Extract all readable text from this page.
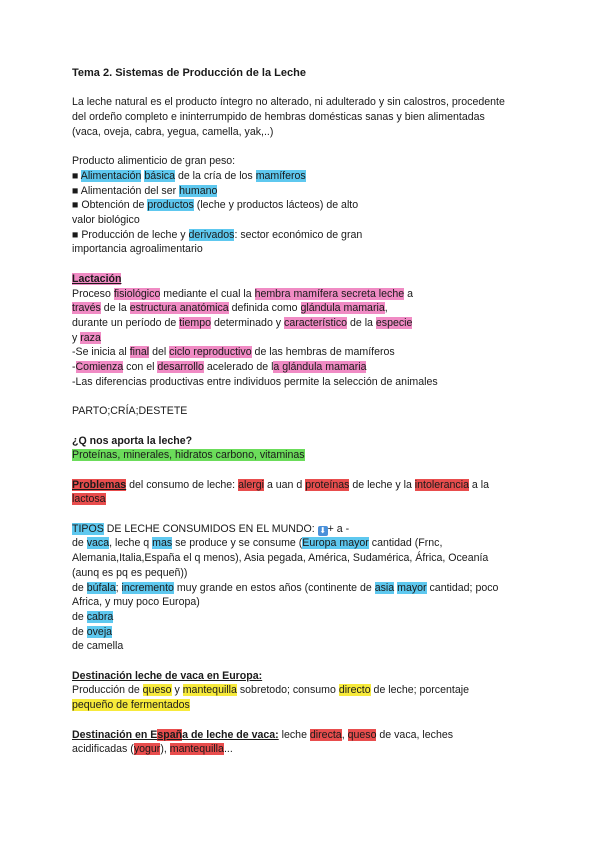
Tema 2. Sistemas de Producción de la Leche
La leche natural es el producto íntegro no alterado, ni adulterado y sin calostros, procedente
del ordeño completo e ininterrumpido de hembras domésticas sanas y bien alimentadas
(vaca, oveja, cabra, yegua, camella, yak,..)
Producto alimenticio de gran peso:
■ Alimentación básica de la cría de los mamíferos
■ Alimentación del ser humano
■ Obtención de productos (leche y productos lácteos) de alto
valor biológico
■ Producción de leche y derivados: sector económico de gran
importancia agroalimentario
Lactación
Proceso fisiológico mediante el cual la hembra mamífera secreta leche a
través de la estructura anatómica definida como glándula mamaria,
durante un período de tiempo determinado y característico de la especie
y raza
-Se inicia al final del ciclo reproductivo de las hembras de mamíferos
-Comienza con el desarrollo acelerado de la glándula mamaria
-Las diferencias productivas entre individuos permite la selección de animales
PARTO;CRÍA;DESTETE
¿Q nos aporta la leche?
Proteínas, minerales, hidratos carbono, vitaminas
Problemas del consumo de leche: alergi a uan d proteínas de leche y la intolerancia a la
lactosa
TIPOS DE LECHE CONSUMIDOS EN EL MUNDO: ⬇ + a -
de vaca, leche q mas se produce y se consume (Europa mayor cantidad (Frnc,
Alemania,Italia,España el q menos), Asia pegada, América, Sudamérica, África, Oceanía
(aunq es pq es pequeñ))
de búfala; incremento muy grande en estos años (continente de asia mayor cantidad; poco
Africa, y muy poco Europa)
de cabra
de oveja
de camella
Destinación leche de vaca en Europa:
Producción de queso y mantequilla sobretodo; consumo directo de leche; porcentaje
pequeño de fermentados
Destinación en España de leche de vaca: leche directa, queso de vaca, leches
acidificadas (yogur), mantequilla...
